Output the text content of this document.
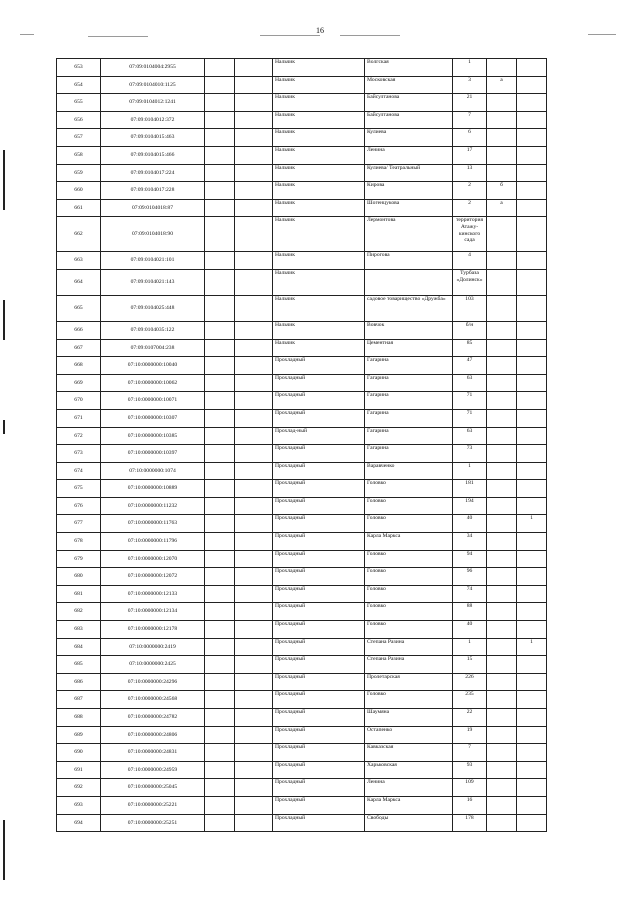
16
653	07:09:0104004:2955			Нальчик	Волгская	1		
654	07:09:0104010:1125			Нальчик	Московская	3	а	
655	07:09:0104012:1241			Нальчик	Байсултанова	21		
656	07:09:0104012:372			Нальчик	Байсултанова	7		
657	07:09:0104015:463			Нальчик	Кулиева	6		
658	07:09:0104015:466			Нальчик	Ленина	17		
659	07:09:0104017:224			Нальчик	Кулиева/ Театральный	13		
660	07:09:0104017:228			Нальчик	Кирова	2	б	
661	07:09:0104018:87			Нальчик	Шогенцукова	2	а	
662	07:09:0104018:90			Нальчик	Лермонтова	территория Атажу- кинского сада		
663	07:09:0104021:101			Нальчик	Пирогова	4		
664	07:09:0104021:143			Нальчик		Турбаза «Долинск»		
665	07:09:0104025:448			Нальчик	садовое товарищество «Дружба»	103		
666	07:09:0104035:122			Нальчик	Вовчок	б/н		
667	07:09:0107004:238			Нальчик	Цементная	85		
668	07:10:0000000:10040			Прохладный	Гагарина	47		
669	07:10:0000000:10062			Прохладный	Гагарина	63		
670	07:10:0000000:10071			Прохладный	Гагарина	71		
671	07:10:0000000:10307			Прохладный	Гагарина	71		
672	07:10:0000000:10385			Прохлад-ный	Гагарина	63		
673	07:10:0000000:10397			Прохладный	Гагарина	73		
674	07:10:0000000:1074			Прохладный	Варавченко	1		
675	07:10:0000000:10889			Прохладный	Головко	181		
676	07:10:0000000:11232			Прохладный	Головко	194		
677	07:10:0000000:11763			Прохладный	Головко	40		1
678	07:10:0000000:11796			Прохладный	Карла Маркса	34		
679	07:10:0000000:12070			Прохладный	Головко	94		
680	07:10:0000000:12072			Прохладный	Головко	96		
681	07:10:0000000:12133			Прохладный	Головко	74		
682	07:10:0000000:12134			Прохладный	Головко	88		
683	07:10:0000000:12178			Прохладный	Головко	40		
684	07:10:0000000:2419			Прохладный	Степана Разина	1		1
685	07:10:0000000:2425			Прохладный	Степана Разина	15		
686	07:10:0000000:24296			Прохладный	Пролетарская	226		
687	07:10:0000000:24568			Прохладный	Головко	235		
688	07:10:0000000:24782			Прохладный	Шаумяна	22		
689	07:10:0000000:24806			Прохладный	Остапенко	19		
690	07:10:0000000:24831			Прохладный	Кавказская	7		
691	07:10:0000000:24959			Прохладный	Харьковская	93		
692	07:10:0000000:25045			Прохладный	Ленина	109		
693	07:10:0000000:25221			Прохладный	Карла Маркса	16		
694	07:10:0000000:25251			Прохладный	Свободы	178		
